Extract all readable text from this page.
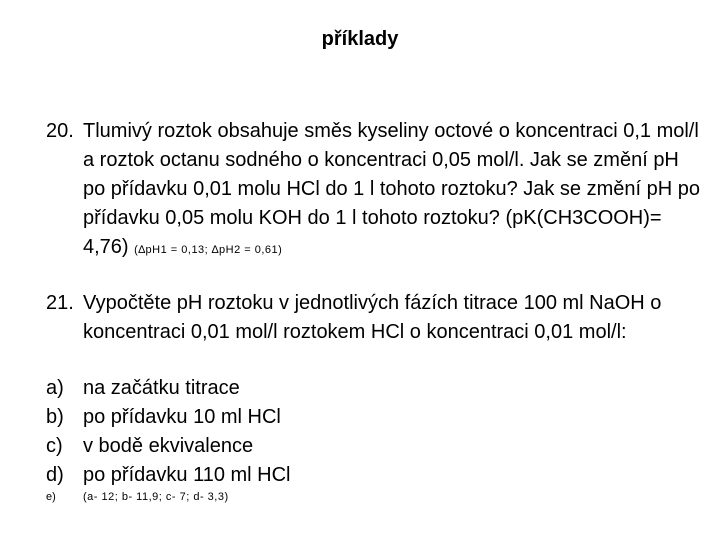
příklady
20. Tlumivý roztok obsahuje směs kyseliny octové o koncentraci 0,1 mol/l a roztok octanu sodného o koncentraci 0,05 mol/l. Jak se změní pH po přídavku 0,01 molu HCl do 1 l tohoto roztoku? Jak se změní pH po přídavku 0,05 molu KOH do 1 l tohoto roztoku? (pK(CH3COOH)= 4,76) (∆pH1 = 0,13; ∆pH2 = 0,61)
21. Vypočtěte pH roztoku v jednotlivých fázích titrace 100 ml NaOH o koncentraci 0,01 mol/l roztokem HCl o koncentraci 0,01 mol/l:
a) na začátku titrace
b) po přídavku 10 ml HCl
c)	v bodě ekvivalence
d) po přídavku 110 ml HCl
e)	(a- 12; b- 11,9; c- 7; d- 3,3)
